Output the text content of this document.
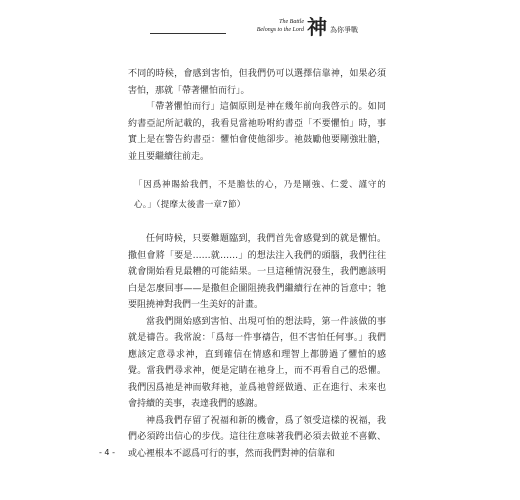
The Battle
Belongs to the Lord 神 為你爭戰

不同的時候，會感到害怕，但我們仍可以選擇信靠神，如果必須害怕，那就「帶著懼怕而行」。

「帶著懼怕而行」這個原則是神在幾年前向我啓示的。如同約書亞記所記載的，我看見當祂吩咐約書亞「不要懼怕」時，事實上是在警告約書亞：懼怕會使他卻步。祂鼓勵他要剛強壯膽，並且要繼續往前走。

「因爲神賜給我們，不是膽怯的心，乃是剛強、仁愛、謹守的心。」（提摩太後書一章7節）

任何時候，只要難題臨到，我們首先會感覺到的就是懼怕。撒但會將「要是……就……」的想法注入我們的頭腦，我們往往就會開始看見最糟的可能結果。一旦這種情況發生，我們應該明白是怎麼回事——是撒但企圖阻撓我們繼續行在神的旨意中；牠要阻撓神對我們一生美好的計畫。

當我們開始感到害怕、出現可怕的想法時，第一件該做的事就是禱告。我常說：「爲每一件事禱告，但不害怕任何事。」我們應該定意尋求神，直到確信在情感和理智上都勝過了懼怕的感覺。當我們尋求神，便是定睛在祂身上，而不再看自己的恐懼。我們因爲祂是神而敬拜祂，並爲祂曾經做過、正在進行、未來也會持續的美事，表達我們的感謝。

神爲我們存留了祝福和新的機會，爲了領受這樣的祝福，我們必須跨出信心的步伐。這往往意味著我們必須去做並不喜歡、或心裡根本不認爲可行的事，然而我們對神的信靠和

- 4 -
